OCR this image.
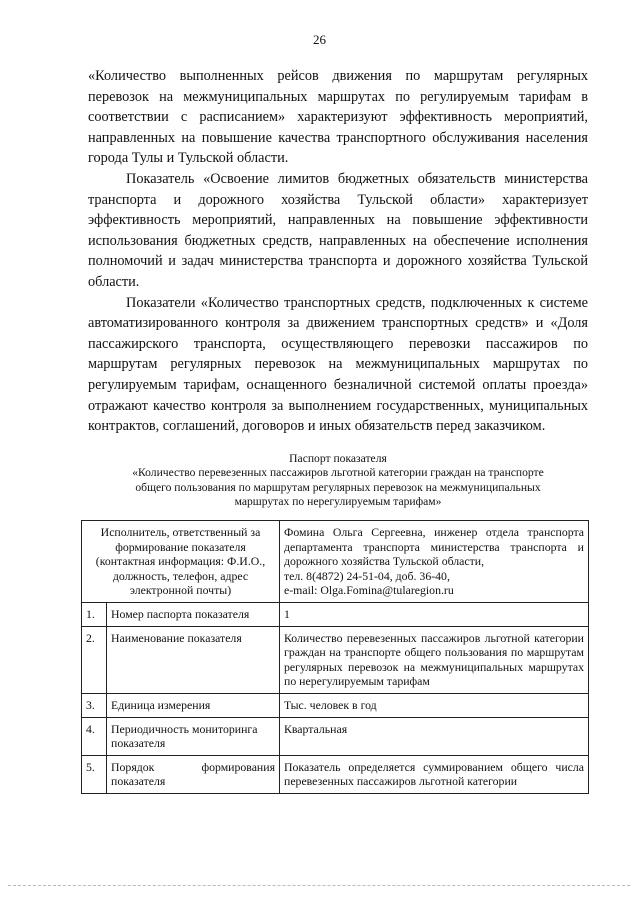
26

«Количество выполненных рейсов движения по маршрутам регулярных перевозок на межмуниципальных маршрутах по регулируемым тарифам в соответствии с расписанием» характеризуют эффективность мероприятий, направленных на повышение качества транспортного обслуживания населения города Тулы и Тульской области.

Показатель «Освоение лимитов бюджетных обязательств министерства транспорта и дорожного хозяйства Тульской области» характеризует эффективность мероприятий, направленных на повышение эффективности использования бюджетных средств, направленных на обеспечение исполнения полномочий и задач министерства транспорта и дорожного хозяйства Тульской области.

Показатели «Количество транспортных средств, подключенных к системе автоматизированного контроля за движением транспортных средств» и «Доля пассажирского транспорта, осуществляющего перевозки пассажиров по маршрутам регулярных перевозок на межмуниципальных маршрутах по регулируемым тарифам, оснащенного безналичной системой оплаты проезда» отражают качество контроля за выполнением государственных, муниципальных контрактов, соглашений, договоров и иных обязательств перед заказчиком.

Паспорт показателя
«Количество перевезенных пассажиров льготной категории граждан на транспорте
общего пользования по маршрутам регулярных перевозок на межмуниципальных
маршрутах по нерегулируемым тарифам»
Исполнитель, ответственный за формирование показателя (контактная информация: Ф.И.О., должность, телефон, адрес электронной почты)		Фомина Ольга Сергеевна, инженер отдела транспорта департамента транспорта министерства транспорта и дорожного хозяйства Тульской области,
тел. 8(4872) 24-51-04, доб. 36-40,
e-mail: Olga.Fomina@tularegion.ru

1.	Номер паспорта показателя	1
2.	Наименование показателя	Количество перевезенных пассажиров льготной категории граждан на транспорте общего пользования по маршрутам регулярных перевозок на межмуниципальных маршрутах по нерегулируемым тарифам
3.	Единица измерения	Тыс. человек в год
4.	Периодичность мониторинга показателя	Квартальная
5.	Порядок формирования показателя	Показатель определяется суммированием общего числа перевезенных пассажиров льготной категории
